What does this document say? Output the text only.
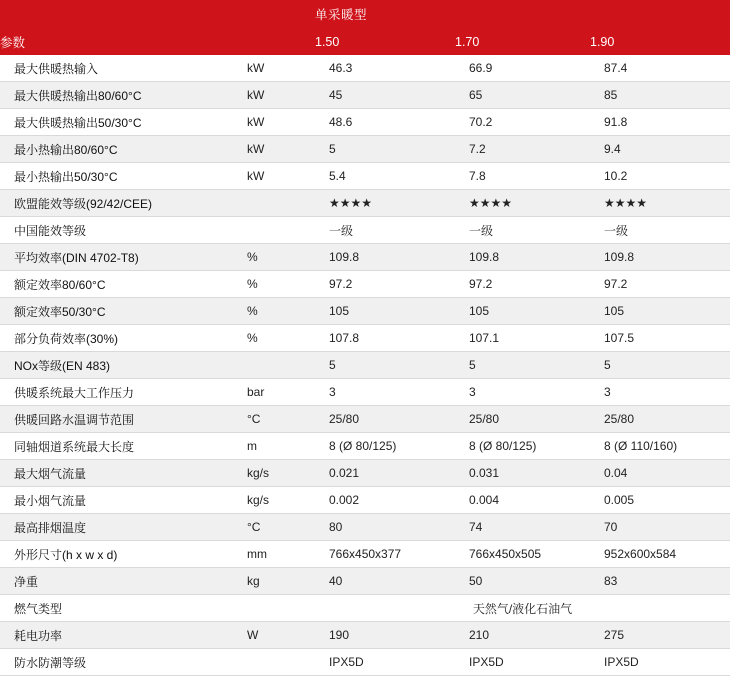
		单采暖型		
参数		1.50	1.70	1.90
最大供暖热输入	kW	46.3	66.9	87.4
最大供暖热输出80/60°C	kW	45	65	85
最大供暖热输出50/30°C	kW	48.6	70.2	91.8
最小热输出80/60°C	kW	5	7.2	9.4
最小热输出50/30°C	kW	5.4	7.8	10.2
欧盟能效等级(92/42/CEE)		★★★★	★★★★	★★★★
中国能效等级		一级	一级	一级
平均效率(DIN 4702-T8)	%	109.8	109.8	109.8
额定效率80/60°C	%	97.2	97.2	97.2
额定效率50/30°C	%	105	105	105
部分负荷效率(30%)	%	107.8	107.1	107.5
NOx等级(EN 483)		5	5	5
供暖系统最大工作压力	bar	3	3	3
供暖回路水温调节范围	°C	25/80	25/80	25/80
同轴烟道系统最大长度	m	8 (Ø 80/125)	8 (Ø 80/125)	8 (Ø 110/160)
最大烟气流量	kg/s	0.021	0.031	0.04
最小烟气流量	kg/s	0.002	0.004	0.005
最高排烟温度	°C	80	74	70
外形尺寸(h x w x d)	mm	766x450x377	766x450x505	952x600x584
净重	kg	40	50	83
燃气类型		天然气/液化石油气		
耗电功率	W	190	210	275
防水防潮等级		IPX5D	IPX5D	IPX5D
